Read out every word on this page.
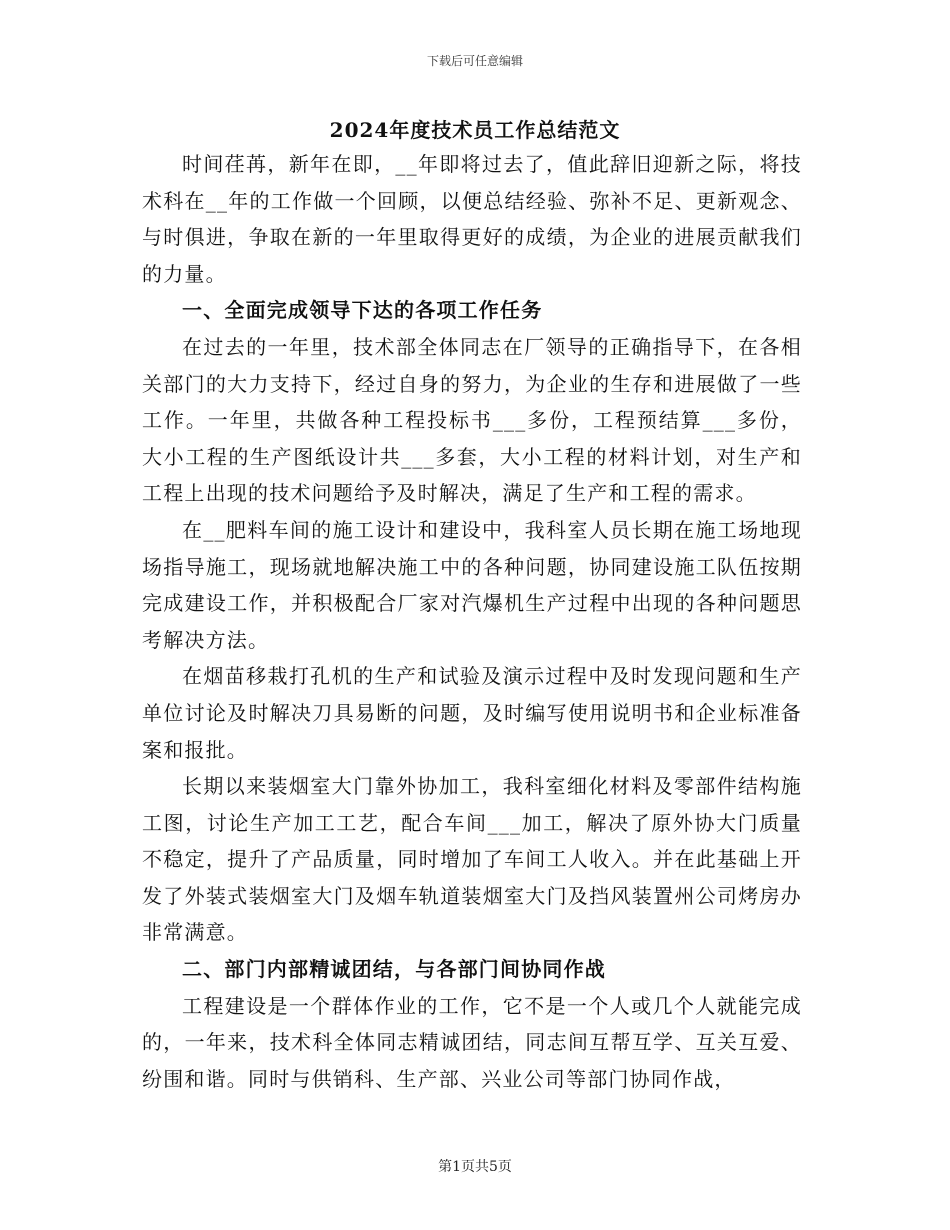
下载后可任意编辑
2024年度技术员工作总结范文

时间荏苒，新年在即，__年即将过去了，值此辞旧迎新之际，将技术科在__年的工作做一个回顾，以便总结经验、弥补不足、更新观念、与时俱进，争取在新的一年里取得更好的成绩，为企业的进展贡献我们的力量。

一、全面完成领导下达的各项工作任务

在过去的一年里，技术部全体同志在厂领导的正确指导下，在各相关部门的大力支持下，经过自身的努力，为企业的生存和进展做了一些工作。一年里，共做各种工程投标书___多份，工程预结算___多份，大小工程的生产图纸设计共___多套，大小工程的材料计划，对生产和工程上出现的技术问题给予及时解决，满足了生产和工程的需求。

在__肥料车间的施工设计和建设中，我科室人员长期在施工场地现场指导施工，现场就地解决施工中的各种问题，协同建设施工队伍按期完成建设工作，并积极配合厂家对汽爆机生产过程中出现的各种问题思考解决方法。

在烟苗移栽打孔机的生产和试验及演示过程中及时发现问题和生产单位讨论及时解决刀具易断的问题，及时编写使用说明书和企业标准备案和报批。

长期以来装烟室大门靠外协加工，我科室细化材料及零部件结构施工图，讨论生产加工工艺，配合车间___加工，解决了原外协大门质量不稳定，提升了产品质量，同时增加了车间工人收入。并在此基础上开发了外装式装烟室大门及烟车轨道装烟室大门及挡风装置州公司烤房办非常满意。

二、部门内部精诚团结，与各部门间协同作战

工程建设是一个群体作业的工作，它不是一个人或几个人就能完成的，一年来，技术科全体同志精诚团结，同志间互帮互学、互关互爱、纷围和谐。同时与供销科、生产部、兴业公司等部门协同作战，

第1页共5页
